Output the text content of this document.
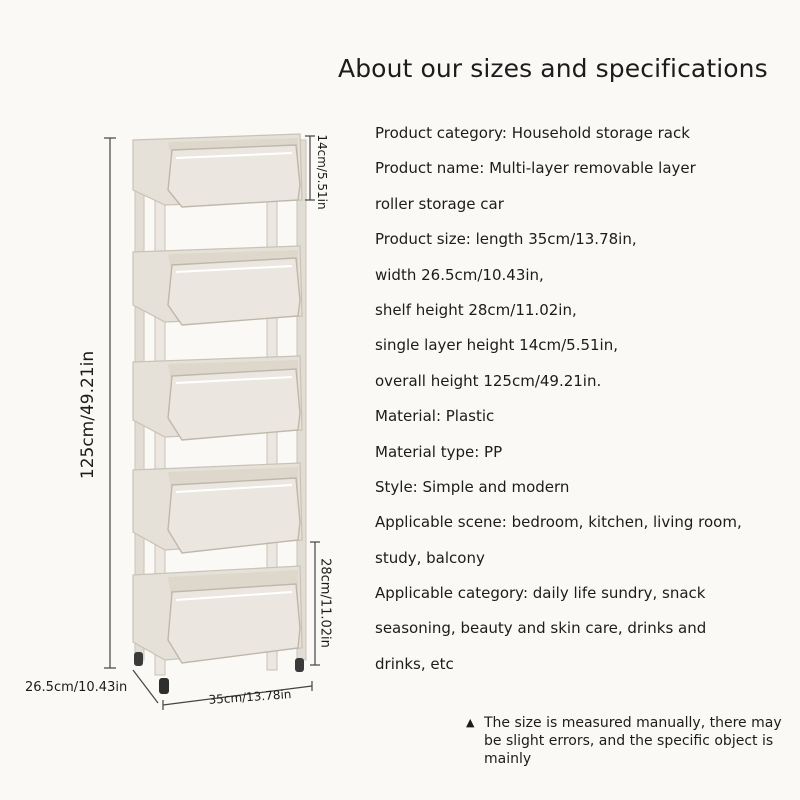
About our sizes and specifications
Product category: Household storage rack
Product name: Multi-layer removable layer
roller storage car
Product size: length 35cm/13.78in,
width 26.5cm/10.43in,
shelf height 28cm/11.02in,
single layer height 14cm/5.51in,
overall height 125cm/49.21in.
Material: Plastic
Material type: PP
Style: Simple and modern
Applicable scene: bedroom, kitchen, living room,
study, balcony
Applicable category: daily life sundry, snack
seasoning, beauty and skin care, drinks and
drinks, etc
125cm/49.21in
14cm/5.51in
28cm/11.02in
26.5cm/10.43in	35cm/13.78in
▲ The size is measured manually, there may be slight errors, and the specific object is mainly
